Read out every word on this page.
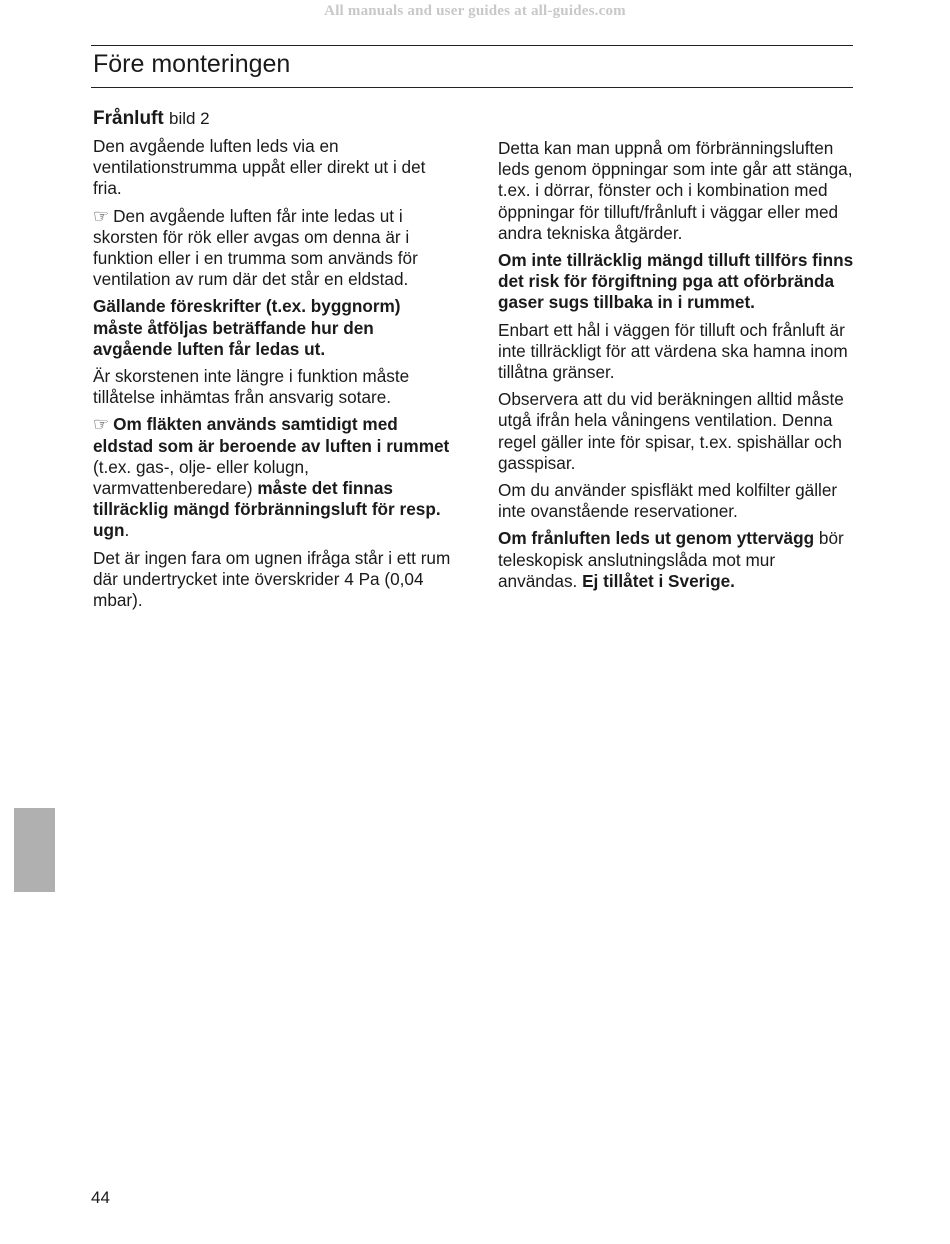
All manuals and user guides at all-guides.com
Före monteringen
Frånluft bild 2

Den avgående luften leds via en ventilationstrumma uppåt eller direkt ut i det fria.

☞ Den avgående luften får inte ledas ut i skorsten för rök eller avgas om denna är i funktion eller i en trumma som används för ventilation av rum där det står en eldstad.

Gällande föreskrifter (t.ex. byggnorm) måste åtföljas beträffande hur den avgående luften får ledas ut.

Är skorstenen inte längre i funktion måste tillåtelse inhämtas från ansvarig sotare.

☞ Om fläkten används samtidigt med eldstad som är beroende av luften i rummet (t.ex. gas-, olje- eller kolugn, varmvattenberedare) måste det finnas tillräcklig mängd förbränningsluft för resp. ugn.

Det är ingen fara om ugnen ifråga står i ett rum där undertrycket inte överskrider 4 Pa (0,04 mbar).

Detta kan man uppnå om förbränningsluften leds genom öppningar som inte går att stänga, t.ex. i dörrar, fönster och i kombination med öppningar för tilluft/frånluft i väggar eller med andra tekniska åtgärder.

Om inte tillräcklig mängd tilluft tillförs finns det risk för förgiftning pga att oförbrända gaser sugs tillbaka in i rummet.

Enbart ett hål i väggen för tilluft och frånluft är inte tillräckligt för att värdena ska hamna inom tillåtna gränser.

Observera att du vid beräkningen alltid måste utgå ifrån hela våningens ventilation. Denna regel gäller inte för spisar, t.ex. spishällar och gasspisar.

Om du använder spisfläkt med kolfilter gäller inte ovanstående reservationer.

Om frånluften leds ut genom yttervägg bör teleskopisk anslutningslåda mot mur användas. Ej tillåtet i Sverige.

44
